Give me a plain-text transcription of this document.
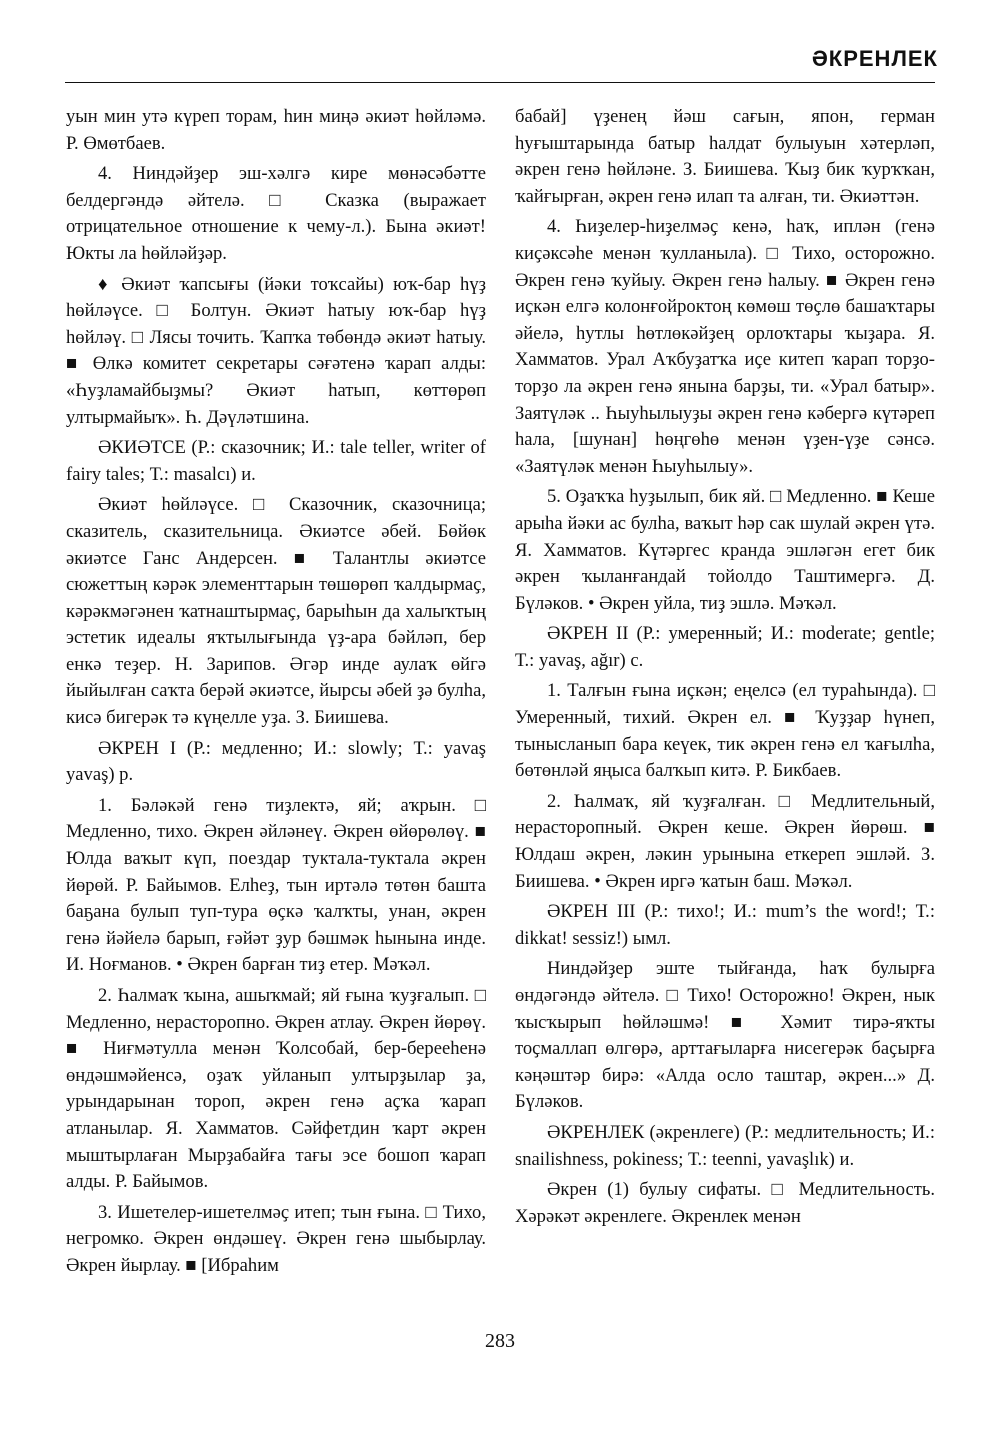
ӘКРЕНЛЕК

уын мин утә күреп торам, һин миңә әкиәт һөйләмә. Р. Өмөтбаев.

4. Ниндәйҙер эш-хәлгә кире мөнәсәбәтте белдергәндә әйтелә. □ Сказка (выражает отрицательное отношение к чему-л.). Бына әкиәт! Юкты ла һөйләйҙәр.

♦ Әкиәт ҡапсығы (йәки тоҡсайы) юҡ-бар һүҙ һөйләүсе. □ Болтун. Әкиәт һатыу юҡ-бар һүҙ һөйләү. □ Лясы точить. Ҡапҡа төбөндә әкиәт һатыу. ■ Өлкә комитет секретары сәғәтенә ҡарап алды: «Һуҙламайбыҙмы? Әкиәт һатып, көттөрөп ултырмайыҡ». Һ. Дәүләтшина.

ӘКИӘТСЕ (Р.: сказочник; И.: tale teller, writer of fairy tales; Т.: masalcı) и.

Әкиәт һөйләүсе. □ Сказочник, сказочница; сказитель, сказительница. Әкиәтсе әбей. Бөйөк әкиәтсе Ганс Андерсен. ■ Талантлы әкиәтсе сюжеттың кәрәк элементтарын төшөрөп ҡалдырмаҫ, кәрәкмәгәнен ҡатнаштырмаҫ, барыһын да халыҡтың эстетик идеалы яҡтылығында үҙ-ара бәйләп, бер енкә теҙер. Н. Зарипов. Әгәр инде аулаҡ өйгә йыйылған саҡта берәй әкиәтсе, йырсы әбей ҙә булһа, кисә бигерәк тә күңелле уҙа. З. Биишева.

ӘКРЕН I (Р.: медленно; И.: slowly; Т.: yavaş yavaş) р.

1. Бәләкәй генә тиҙлектә, яй; аҡрын. □ Медленно, тихо. Әкрен әйләнеү. Әкрен өйөрөлөү. ■ Юлда ваҡыт күп, поездар туктала-туктала әкрен йөрөй. Р. Байымов. Елһеҙ, тын иртәлә төтөн башта баҕана булып туп-тура өҫкә ҡалҡты, унан, әкрен генә йәйелә барып, ғәйәт ҙур бәшмәк һынына инде. И. Ноғманов. • Әкрен барған тиҙ етер. Мәҡәл.

2. Һалмаҡ ҡына, ашыҡмай; яй ғына ҡуҙғалып. □ Медленно, нерасторопно. Әкрен атлау. Әкрен йөрөү. ■ Ниғмәтулла менән Ҡолсобай, бер-берееһенә өндәшмәйенсә, оҙаҡ уйланып ултырҙылар ҙа, урындарынан тороп, әкрен генә аҫҡа ҡарап атланылар. Я. Хамматов. Сәйфетдин ҡарт әкрен мыштырлаған Мырҙабайға тағы эсе бошоп ҡарап алды. Р. Байымов.

3. Ишетелер-ишетелмәҫ итеп; тын ғына. □ Тихо, негромко. Әкрен өндәшеү. Әкрен генә шыбырлау. Әкрен йырлау. ■ [Ибраһим

бабай] үҙенең йәш сағын, япон, герман һуғыштарында батыр һалдат булыуын хәтерләп, әкрен генә һөйләне. З. Биишева. Ҡыҙ бик ҡурҡҡан, ҡайғырған, әкрен генә илап та алған, ти. Әкиәттән.

4. Һиҙелер-һиҙелмәҫ кенә, һаҡ, иплән (генә киҫәксәһе менән ҡулланыла). □ Тихо, осторожно. Әкрен генә ҡуйыу. Әкрен генә һалыу. ■ Әкрен генә иҫкән елгә колонғойроктоң көмөш төҫлө башаҡтары әйелә, һутлы һөтлөкәйҙең орлоҡтары ҡыҙара. Я. Хамматов. Урал Аҡбуҙатҡа иҫе китеп ҡарап торҙо-торҙо ла әкрен генә янына барҙы, ти. «Урал батыр». Заятүләк .. Һыуһылыуҙы әкрен генә кәбергә күтәреп һала, [шунан] һөңгөһө менән үҙен-үҙе сәнсә. «Заятүләк менән Һыуһылыу».

5. Оҙаҡҡа һуҙылып, бик яй. □ Медленно. ■ Кеше арыһа йәки ас булһа, ваҡыт һәр сак шулай әкрен үтә. Я. Хамматов. Күтәргес кранда эшләгән егет бик әкрен ҡыланғандай тойолдо Таштимергә. Д. Бүләков. • Әкрен уйла, тиҙ эшлә. Мәҡәл.

ӘКРЕН II (Р.: умеренный; И.: moderate; gentle; Т.: yavaş, ağır) с.

1. Талғын ғына иҫкән; еңелсә (ел тураһында). □ Умеренный, тихий. Әкрен ел. ■ Ҡуҙҙар һүнеп, тынысланып бара кеүек, тик әкрен генә ел ҡағылһа, бөтөнләй яңыса балҡып китә. Р. Бикбаев.

2. Һалмаҡ, яй ҡуҙғалған. □ Медлительный, нерасторопный. Әкрен кеше. Әкрен йөрөш. ■ Юлдаш әкрен, ләкин урынына еткереп эшләй. З. Биишева. • Әкрен иргә ҡатын баш. Мәҡәл.

ӘКРЕН III (Р.: тихо!; И.: mum’s the word!; Т.: dikkat! sessiz!) ымл.

Ниндәйҙер эште тыйғанда, һаҡ булырға өндәгәндә әйтелә. □ Тихо! Осторожно! Әкрен, нык ҡысҡырып һөйләшмә! ■ Хәмит тирә-яҡты тоҫмаллап өлгөрә, арттағыларға нисегерәк баҫырға кәңәштәр бирә: «Алда осло таштар, әкрен...» Д. Бүләков.

ӘКРЕНЛЕК (әкренлеге) (Р.: медлительность; И.: snailishness, pokiness; Т.: teenni, yavaşlık) и.

Әкрен (1) булыу сифаты. □ Медлительность. Хәрәкәт әкренлеге. Әкренлек менән

283
